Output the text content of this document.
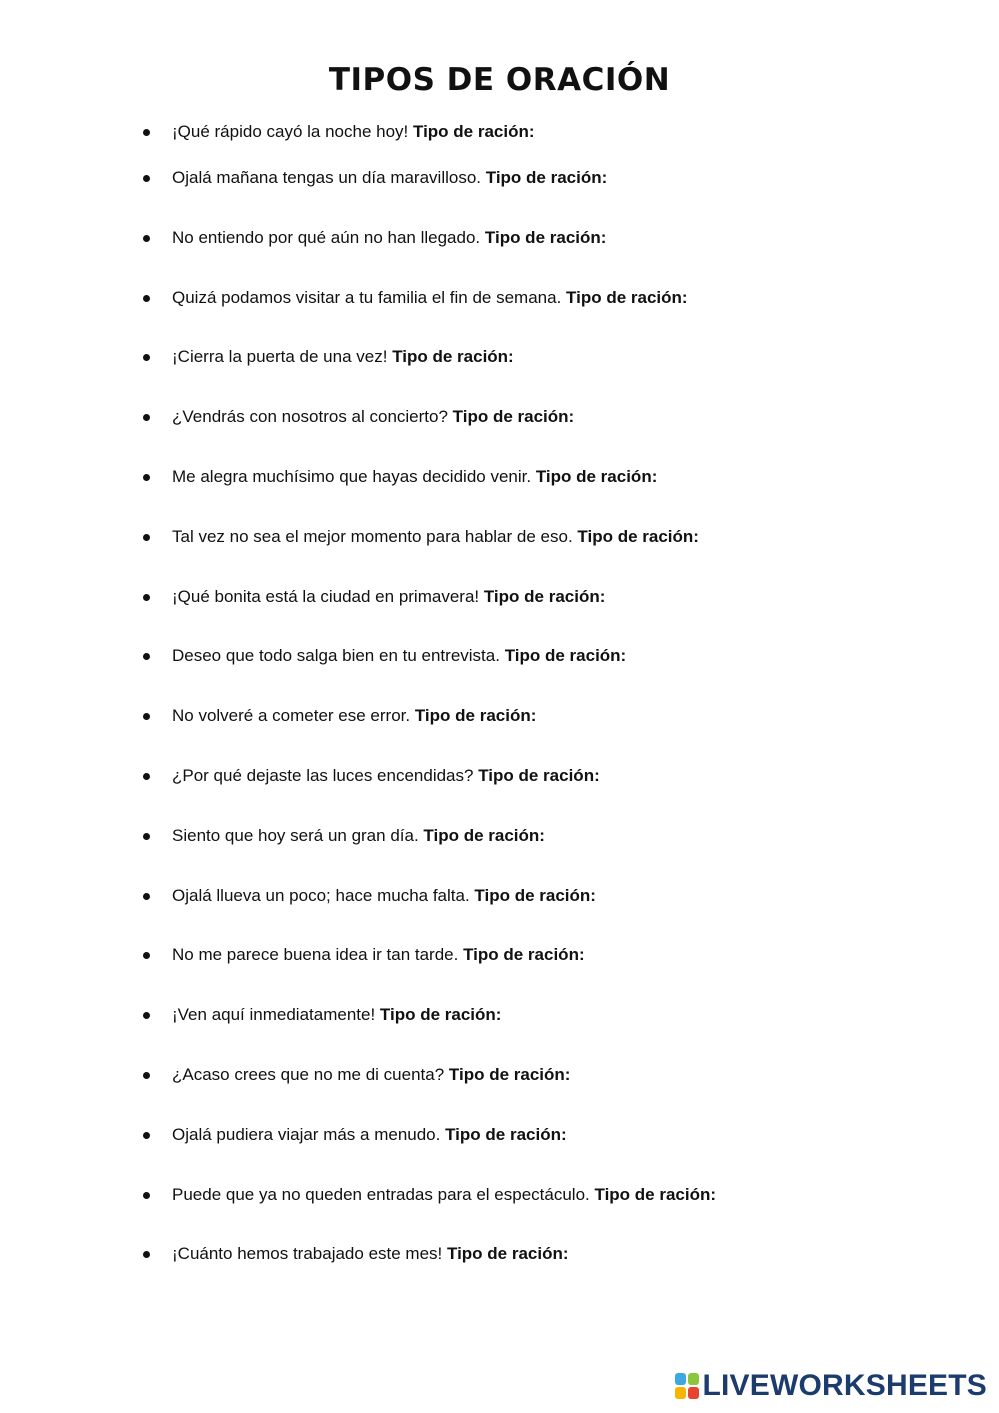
TIPOS DE ORACIÓN
¡Qué rápido cayó la noche hoy! Tipo de ración:
Ojalá mañana tengas un día maravilloso. Tipo de ración:
No entiendo por qué aún no han llegado. Tipo de ración:
Quizá podamos visitar a tu familia el fin de semana. Tipo de ración:
¡Cierra la puerta de una vez! Tipo de ración:
¿Vendrás con nosotros al concierto? Tipo de ración:
Me alegra muchísimo que hayas decidido venir. Tipo de ración:
Tal vez no sea el mejor momento para hablar de eso. Tipo de ración:
¡Qué bonita está la ciudad en primavera! Tipo de ración:
Deseo que todo salga bien en tu entrevista. Tipo de ración:
No volveré a cometer ese error. Tipo de ración:
¿Por qué dejaste las luces encendidas? Tipo de ración:
Siento que hoy será un gran día. Tipo de ración:
Ojalá llueva un poco; hace mucha falta. Tipo de ración:
No me parece buena idea ir tan tarde. Tipo de ración:
¡Ven aquí inmediatamente! Tipo de ración:
¿Acaso crees que no me di cuenta? Tipo de ración:
Ojalá pudiera viajar más a menudo. Tipo de ración:
Puede que ya no queden entradas para el espectáculo. Tipo de ración:
¡Cuánto hemos trabajado este mes! Tipo de ración:
LIVEWORKSHEETS
